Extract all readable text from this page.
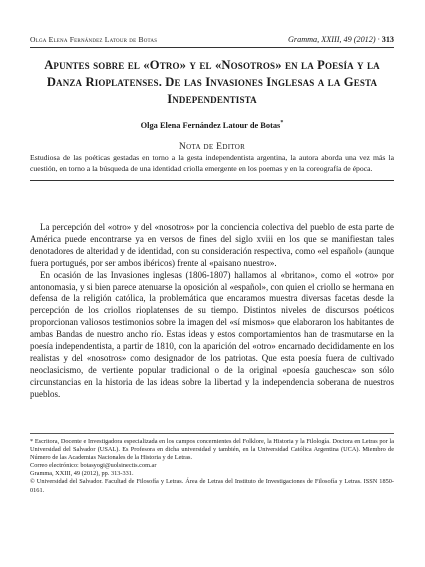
Olga Elena Fernández Latour de Botas	Gramma, XXIII, 49 (2012) · 313
Apuntes sobre el «Otro» y el «Nosotros» en la Poesía y la Danza Rioplatenses. De las Invasiones Inglesas a la Gesta Independentista
Olga Elena Fernández Latour de Botas*
Nota de Editor
Estudiosa de las poéticas gestadas en torno a la gesta independentista argentina, la autora aborda una vez más la cuestión, en torno a la búsqueda de una identidad criolla emergente en los poemas y en la coreografía de época.

La percepción del «otro» y del «nosotros» por la conciencia colectiva del pueblo de esta parte de América puede encontrarse ya en versos de fines del siglo xviii en los que se manifiestan tales denotadores de alteridad y de identidad, con su consideración respectiva, como «el español» (aunque fuera portugués, por ser ambos ibéricos) frente al «paisano nuestro».

En ocasión de las Invasiones inglesas (1806-1807) hallamos al «britano», como el «otro» por antonomasia, y si bien parece atenuarse la oposición al «español», con quien el criollo se hermana en defensa de la religión católica, la problemática que encaramos muestra diversas facetas desde la percepción de los criollos rioplatenses de su tiempo. Distintos niveles de discursos poéticos proporcionan valiosos testimonios sobre la imagen del «sí mismos» que elaboraron los habitantes de ambas Bandas de nuestro ancho río. Estas ideas y estos comportamientos han de trasmutarse en la poesía independentista, a partir de 1810, con la aparición del «otro» encarnado decididamente en los realistas y del «nosotros» como designador de los patriotas. Que esta poesía fuera de cultivado neoclasicismo, de vertiente popular tradicional o de la original «poesía gauchesca» son sólo circunstancias en la historia de las ideas sobre la libertad y la independencia soberana de nuestros pueblos.

* Escritora, Docente e Investigadora especializada en los campos concernientes del Folklore, la Historia y la Filología. Doctora en Letras por la Universidad del Salvador (USAL). Es Profesora en dicha universidad y también, en la Universidad Católica Argentina (UCA). Miembro de Número de las Academias Nacionales de la Historia y de Letras.

Correo electrónico: botasyogi@uolsinectis.com.ar

Gramma, XXIII, 49 (2012), pp. 313-331.

© Universidad del Salvador. Facultad de Filosofía y Letras. Área de Letras del Instituto de Investigaciones de Filosofía y Letras. ISSN 1850-0161.
